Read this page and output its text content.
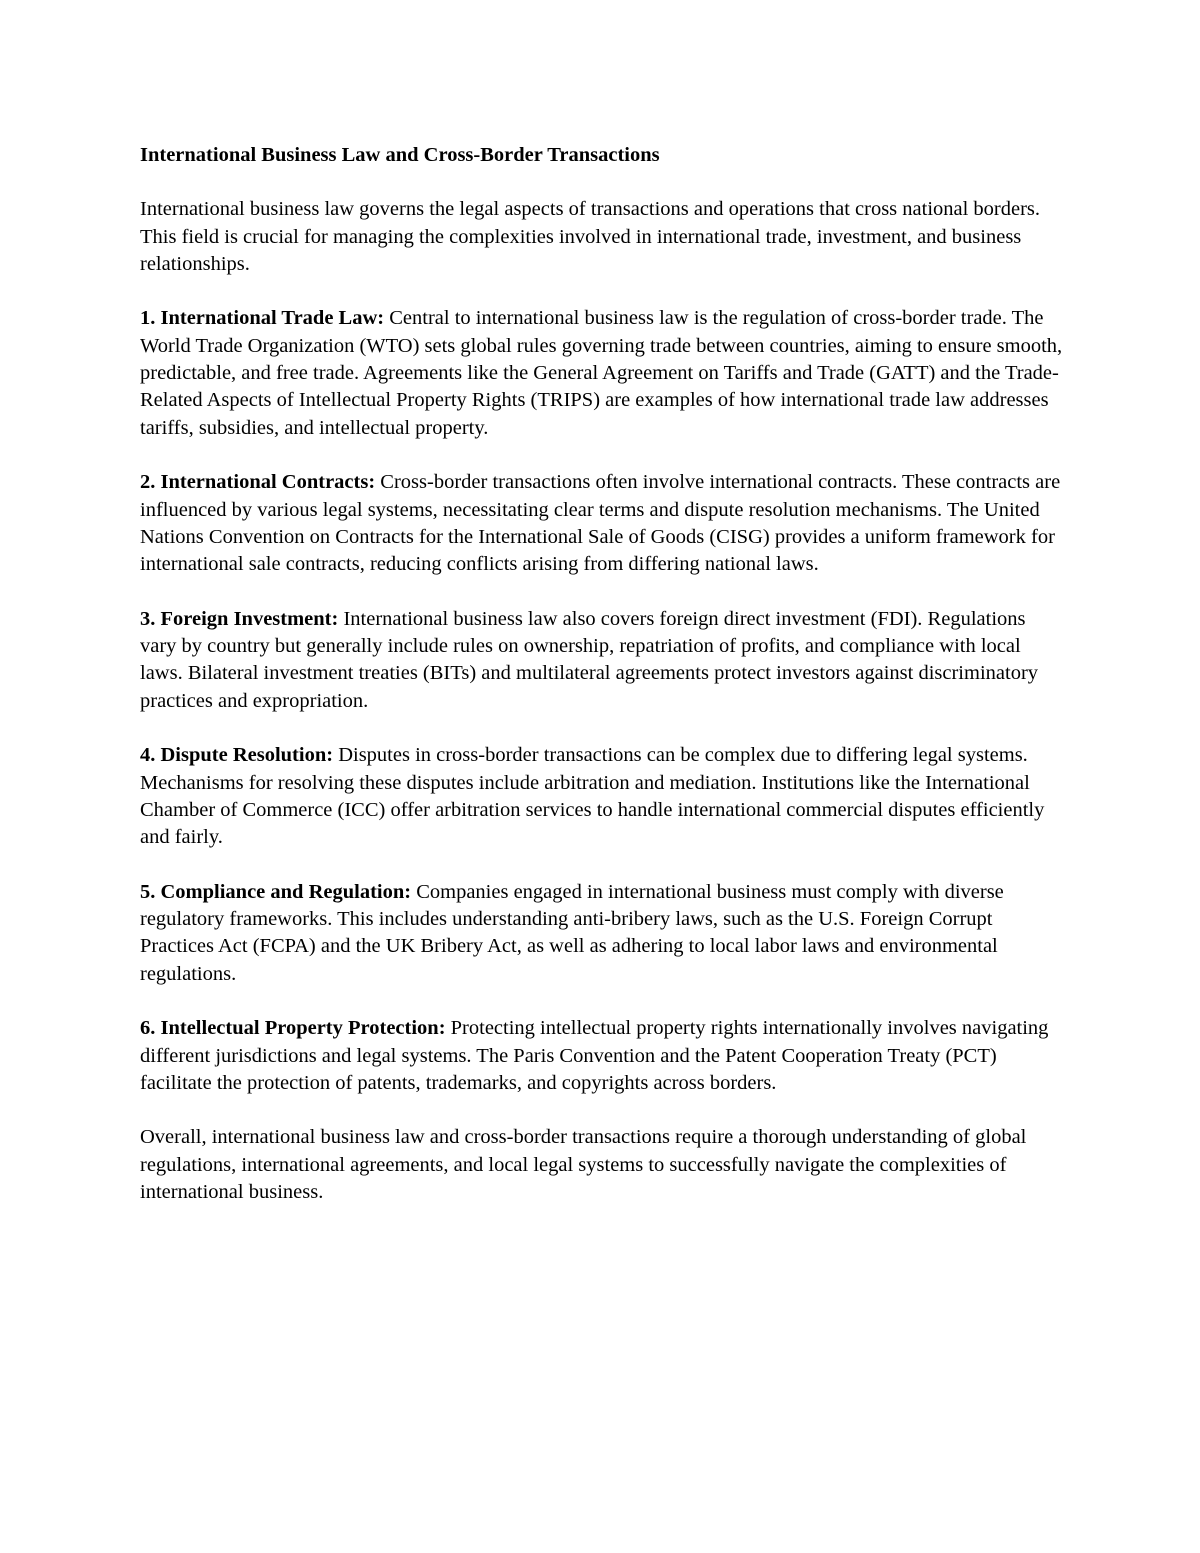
International Business Law and Cross-Border Transactions

International business law governs the legal aspects of transactions and operations that cross national borders. This field is crucial for managing the complexities involved in international trade, investment, and business relationships.

1. International Trade Law: Central to international business law is the regulation of cross-border trade. The World Trade Organization (WTO) sets global rules governing trade between countries, aiming to ensure smooth, predictable, and free trade. Agreements like the General Agreement on Tariffs and Trade (GATT) and the Trade-Related Aspects of Intellectual Property Rights (TRIPS) are examples of how international trade law addresses tariffs, subsidies, and intellectual property.

2. International Contracts: Cross-border transactions often involve international contracts. These contracts are influenced by various legal systems, necessitating clear terms and dispute resolution mechanisms. The United Nations Convention on Contracts for the International Sale of Goods (CISG) provides a uniform framework for international sale contracts, reducing conflicts arising from differing national laws.

3. Foreign Investment: International business law also covers foreign direct investment (FDI). Regulations vary by country but generally include rules on ownership, repatriation of profits, and compliance with local laws. Bilateral investment treaties (BITs) and multilateral agreements protect investors against discriminatory practices and expropriation.

4. Dispute Resolution: Disputes in cross-border transactions can be complex due to differing legal systems. Mechanisms for resolving these disputes include arbitration and mediation. Institutions like the International Chamber of Commerce (ICC) offer arbitration services to handle international commercial disputes efficiently and fairly.

5. Compliance and Regulation: Companies engaged in international business must comply with diverse regulatory frameworks. This includes understanding anti-bribery laws, such as the U.S. Foreign Corrupt Practices Act (FCPA) and the UK Bribery Act, as well as adhering to local labor laws and environmental regulations.

6. Intellectual Property Protection: Protecting intellectual property rights internationally involves navigating different jurisdictions and legal systems. The Paris Convention and the Patent Cooperation Treaty (PCT) facilitate the protection of patents, trademarks, and copyrights across borders.

Overall, international business law and cross-border transactions require a thorough understanding of global regulations, international agreements, and local legal systems to successfully navigate the complexities of international business.
